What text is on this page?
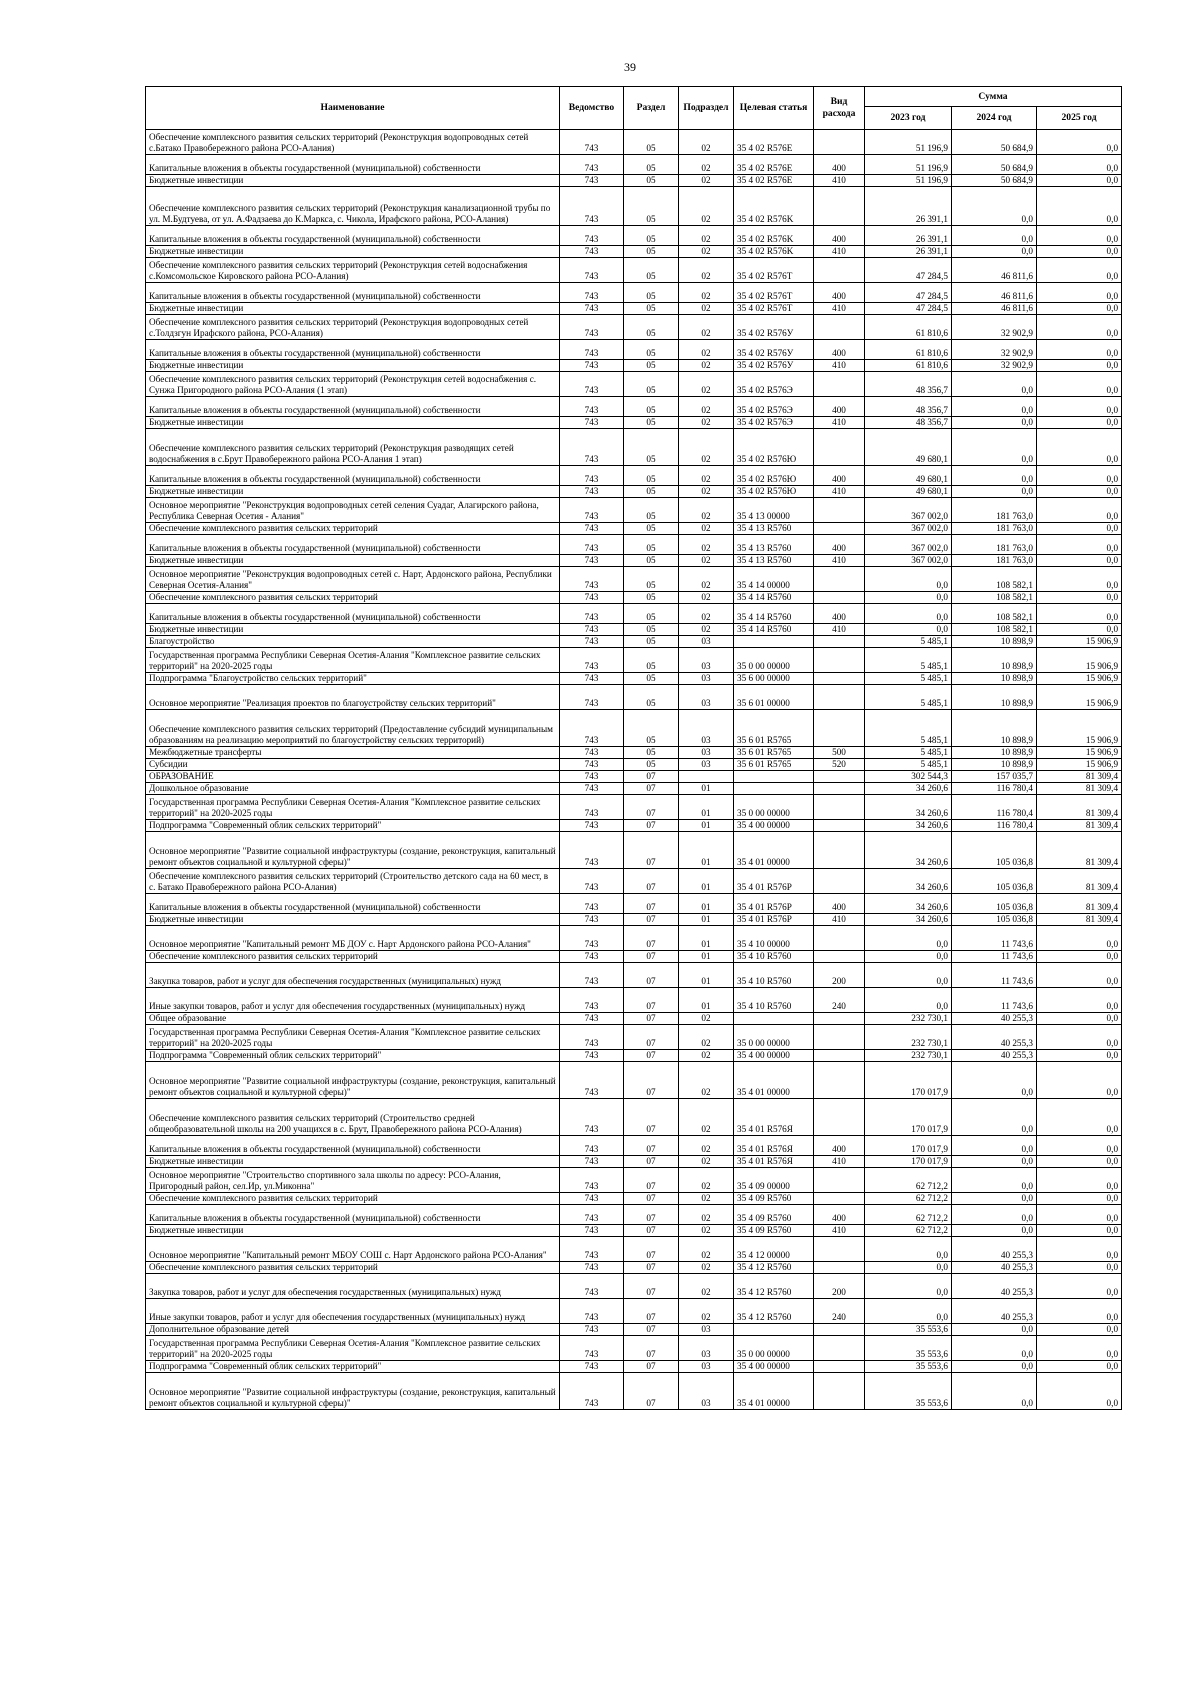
39
Наименование	Ведомство	Раздел	Подраздел	Целевая статья	Вид расхода	Сумма		
						2023 год	2024 год	2025 год
Обеспечение комплексного развития сельских территорий (Реконструкция водопроводных сетей с.Батако Правобережного района РСО-Алания)	743	05	02	35 4 02 R576E		51 196,9	50 684,9	0,0
Капитальные вложения в объекты государственной (муниципальной) собственности	743	05	02	35 4 02 R576E	400	51 196,9	50 684,9	0,0
Бюджетные инвестиции	743	05	02	35 4 02 R576E	410	51 196,9	50 684,9	0,0
Обеспечение комплексного развития сельских территорий (Реконструкция канализационной трубы по ул. М.Будтуева, от ул. А.Фадзаева до К.Маркса, с. Чикола, Ирафского района, РСО-Алания)	743	05	02	35 4 02 R576K		26 391,1	0,0	0,0
Капитальные вложения в объекты государственной (муниципальной) собственности	743	05	02	35 4 02 R576K	400	26 391,1	0,0	0,0
Бюджетные инвестиции	743	05	02	35 4 02 R576K	410	26 391,1	0,0	0,0
Обеспечение комплексного развития сельских территорий (Реконструкция сетей водоснабжения с.Комсомольское Кировского района РСО-Алания)	743	05	02	35 4 02 R576T		47 284,5	46 811,6	0,0
Капитальные вложения в объекты государственной (муниципальной) собственности	743	05	02	35 4 02 R576T	400	47 284,5	46 811,6	0,0
Бюджетные инвестиции	743	05	02	35 4 02 R576T	410	47 284,5	46 811,6	0,0
Обеспечение комплексного развития сельских территорий (Реконструкция водопроводных сетей с.Толдзгун Ирафского района, РСО-Алания)	743	05	02	35 4 02 R576У		61 810,6	32 902,9	0,0
Капитальные вложения в объекты государственной (муниципальной) собственности	743	05	02	35 4 02 R576У	400	61 810,6	32 902,9	0,0
Бюджетные инвестиции	743	05	02	35 4 02 R576У	410	61 810,6	32 902,9	0,0
Обеспечение комплексного развития сельских территорий (Реконструкция сетей водоснабжения с. Сунжа Пригородного района РСО-Алания (1 этап)	743	05	02	35 4 02 R576Э		48 356,7	0,0	0,0
Капитальные вложения в объекты государственной (муниципальной) собственности	743	05	02	35 4 02 R576Э	400	48 356,7	0,0	0,0
Бюджетные инвестиции	743	05	02	35 4 02 R576Э	410	48 356,7	0,0	0,0
Обеспечение комплексного развития сельских территорий (Реконструкция разводящих сетей водоснабжения в с.Брут Правобережного района РСО-Алания 1 этап)	743	05	02	35 4 02 R576Ю		49 680,1	0,0	0,0
Капитальные вложения в объекты государственной (муниципальной) собственности	743	05	02	35 4 02 R576Ю	400	49 680,1	0,0	0,0
Бюджетные инвестиции	743	05	02	35 4 02 R576Ю	410	49 680,1	0,0	0,0
Основное мероприятие "Реконструкция водопроводных сетей селения Суадаг, Алагирского района, Республика Северная Осетия - Алания"	743	05	02	35 4 13 00000		367 002,0	181 763,0	0,0
Обеспечение комплексного развития сельских территорий	743	05	02	35 4 13 R5760		367 002,0	181 763,0	0,0
Капитальные вложения в объекты государственной (муниципальной) собственности	743	05	02	35 4 13 R5760	400	367 002,0	181 763,0	0,0
Бюджетные инвестиции	743	05	02	35 4 13 R5760	410	367 002,0	181 763,0	0,0
Основное мероприятие "Реконструкция водопроводных сетей с. Нарт, Ардонского района, Республики Северная Осетия-Алания"	743	05	02	35 4 14 00000		0,0	108 582,1	0,0
Обеспечение комплексного развития сельских территорий	743	05	02	35 4 14 R5760		0,0	108 582,1	0,0
Капитальные вложения в объекты государственной (муниципальной) собственности	743	05	02	35 4 14 R5760	400	0,0	108 582,1	0,0
Бюджетные инвестиции	743	05	02	35 4 14 R5760	410	0,0	108 582,1	0,0
Благоустройство	743	05	03			5 485,1	10 898,9	15 906,9
Государственная программа Республики Северная Осетия-Алания "Комплексное развитие сельских территорий" на 2020-2025 годы	743	05	03	35 0 00 00000		5 485,1	10 898,9	15 906,9
Подпрограмма "Благоустройство сельских территорий"	743	05	03	35 6 00 00000		5 485,1	10 898,9	15 906,9
Основное мероприятие "Реализация проектов по благоустройству сельских территорий"	743	05	03	35 6 01 00000		5 485,1	10 898,9	15 906,9
Обеспечение комплексного развития сельских территорий (Предоставление субсидий муниципальным образованиям на реализацию мероприятий по благоустройству сельских территорий)	743	05	03	35 6 01 R5765		5 485,1	10 898,9	15 906,9
Межбюджетные трансферты	743	05	03	35 6 01 R5765	500	5 485,1	10 898,9	15 906,9
Субсидии	743	05	03	35 6 01 R5765	520	5 485,1	10 898,9	15 906,9
ОБРАЗОВАНИЕ	743	07				302 544,3	157 035,7	81 309,4
Дошкольное образование	743	07	01			34 260,6	116 780,4	81 309,4
Государственная программа Республики Северная Осетия-Алания "Комплексное развитие сельских территорий" на 2020-2025 годы	743	07	01	35 0 00 00000		34 260,6	116 780,4	81 309,4
Подпрограмма "Современный облик сельских территорий"	743	07	01	35 4 00 00000		34 260,6	116 780,4	81 309,4
Основное мероприятие "Развитие социальной инфраструктуры (создание, реконструкция, капитальный ремонт объектов социальной и культурной сферы)"	743	07	01	35 4 01 00000		34 260,6	105 036,8	81 309,4
Обеспечение комплексного развития сельских территорий (Строительство детского сада на 60 мест, в с. Батако Правобережного района РСО-Алания)	743	07	01	35 4 01 R576P		34 260,6	105 036,8	81 309,4
Капитальные вложения в объекты государственной (муниципальной) собственности	743	07	01	35 4 01 R576P	400	34 260,6	105 036,8	81 309,4
Бюджетные инвестиции	743	07	01	35 4 01 R576P	410	34 260,6	105 036,8	81 309,4
Основное мероприятие "Капитальный ремонт МБ ДОУ с. Нарт Ардонского района РСО-Алания"	743	07	01	35 4 10 00000		0,0	11 743,6	0,0
Обеспечение комплексного развития сельских территорий	743	07	01	35 4 10 R5760		0,0	11 743,6	0,0
Закупка товаров, работ и услуг для обеспечения государственных (муниципальных) нужд	743	07	01	35 4 10 R5760	200	0,0	11 743,6	0,0
Иные закупки товаров, работ и услуг для обеспечения государственных (муниципальных) нужд	743	07	01	35 4 10 R5760	240	0,0	11 743,6	0,0
Общее образование	743	07	02			232 730,1	40 255,3	0,0
Государственная программа Республики Северная Осетия-Алания "Комплексное развитие сельских территорий" на 2020-2025 годы	743	07	02	35 0 00 00000		232 730,1	40 255,3	0,0
Подпрограмма "Современный облик сельских территорий"	743	07	02	35 4 00 00000		232 730,1	40 255,3	0,0
Основное мероприятие "Развитие социальной инфраструктуры (создание, реконструкция, капитальный ремонт объектов социальной и культурной сферы)"	743	07	02	35 4 01 00000		170 017,9	0,0	0,0
Обеспечение комплексного развития сельских территорий (Строительство средней общеобразовательной школы на 200 учащихся в с. Брут, Правобережного района РСО-Алания)	743	07	02	35 4 01 R576Я		170 017,9	0,0	0,0
Капитальные вложения в объекты государственной (муниципальной) собственности	743	07	02	35 4 01 R576Я	400	170 017,9	0,0	0,0
Бюджетные инвестиции	743	07	02	35 4 01 R576Я	410	170 017,9	0,0	0,0
Основное мероприятие "Строительство спортивного зала школы по адресу: РСО-Алания, Пригородный район, сел.Ир, ул.Миконна"	743	07	02	35 4 09 00000		62 712,2	0,0	0,0
Обеспечение комплексного развития сельских территорий	743	07	02	35 4 09 R5760		62 712,2	0,0	0,0
Капитальные вложения в объекты государственной (муниципальной) собственности	743	07	02	35 4 09 R5760	400	62 712,2	0,0	0,0
Бюджетные инвестиции	743	07	02	35 4 09 R5760	410	62 712,2	0,0	0,0
Основное мероприятие "Капитальный ремонт МБОУ СОШ с. Нарт Ардонского района РСО-Алания"	743	07	02	35 4 12 00000		0,0	40 255,3	0,0
Обеспечение комплексного развития сельских территорий	743	07	02	35 4 12 R5760		0,0	40 255,3	0,0
Закупка товаров, работ и услуг для обеспечения государственных (муниципальных) нужд	743	07	02	35 4 12 R5760	200	0,0	40 255,3	0,0
Иные закупки товаров, работ и услуг для обеспечения государственных (муниципальных) нужд	743	07	02	35 4 12 R5760	240	0,0	40 255,3	0,0
Дополнительное образование детей	743	07	03			35 553,6	0,0	0,0
Государственная программа Республики Северная Осетия-Алания "Комплексное развитие сельских территорий" на 2020-2025 годы	743	07	03	35 0 00 00000		35 553,6	0,0	0,0
Подпрограмма "Современный облик сельских территорий"	743	07	03	35 4 00 00000		35 553,6	0,0	0,0
Основное мероприятие "Развитие социальной инфраструктуры (создание, реконструкция, капитальный ремонт объектов социальной и культурной сферы)"	743	07	03	35 4 01 00000		35 553,6	0,0	0,0
